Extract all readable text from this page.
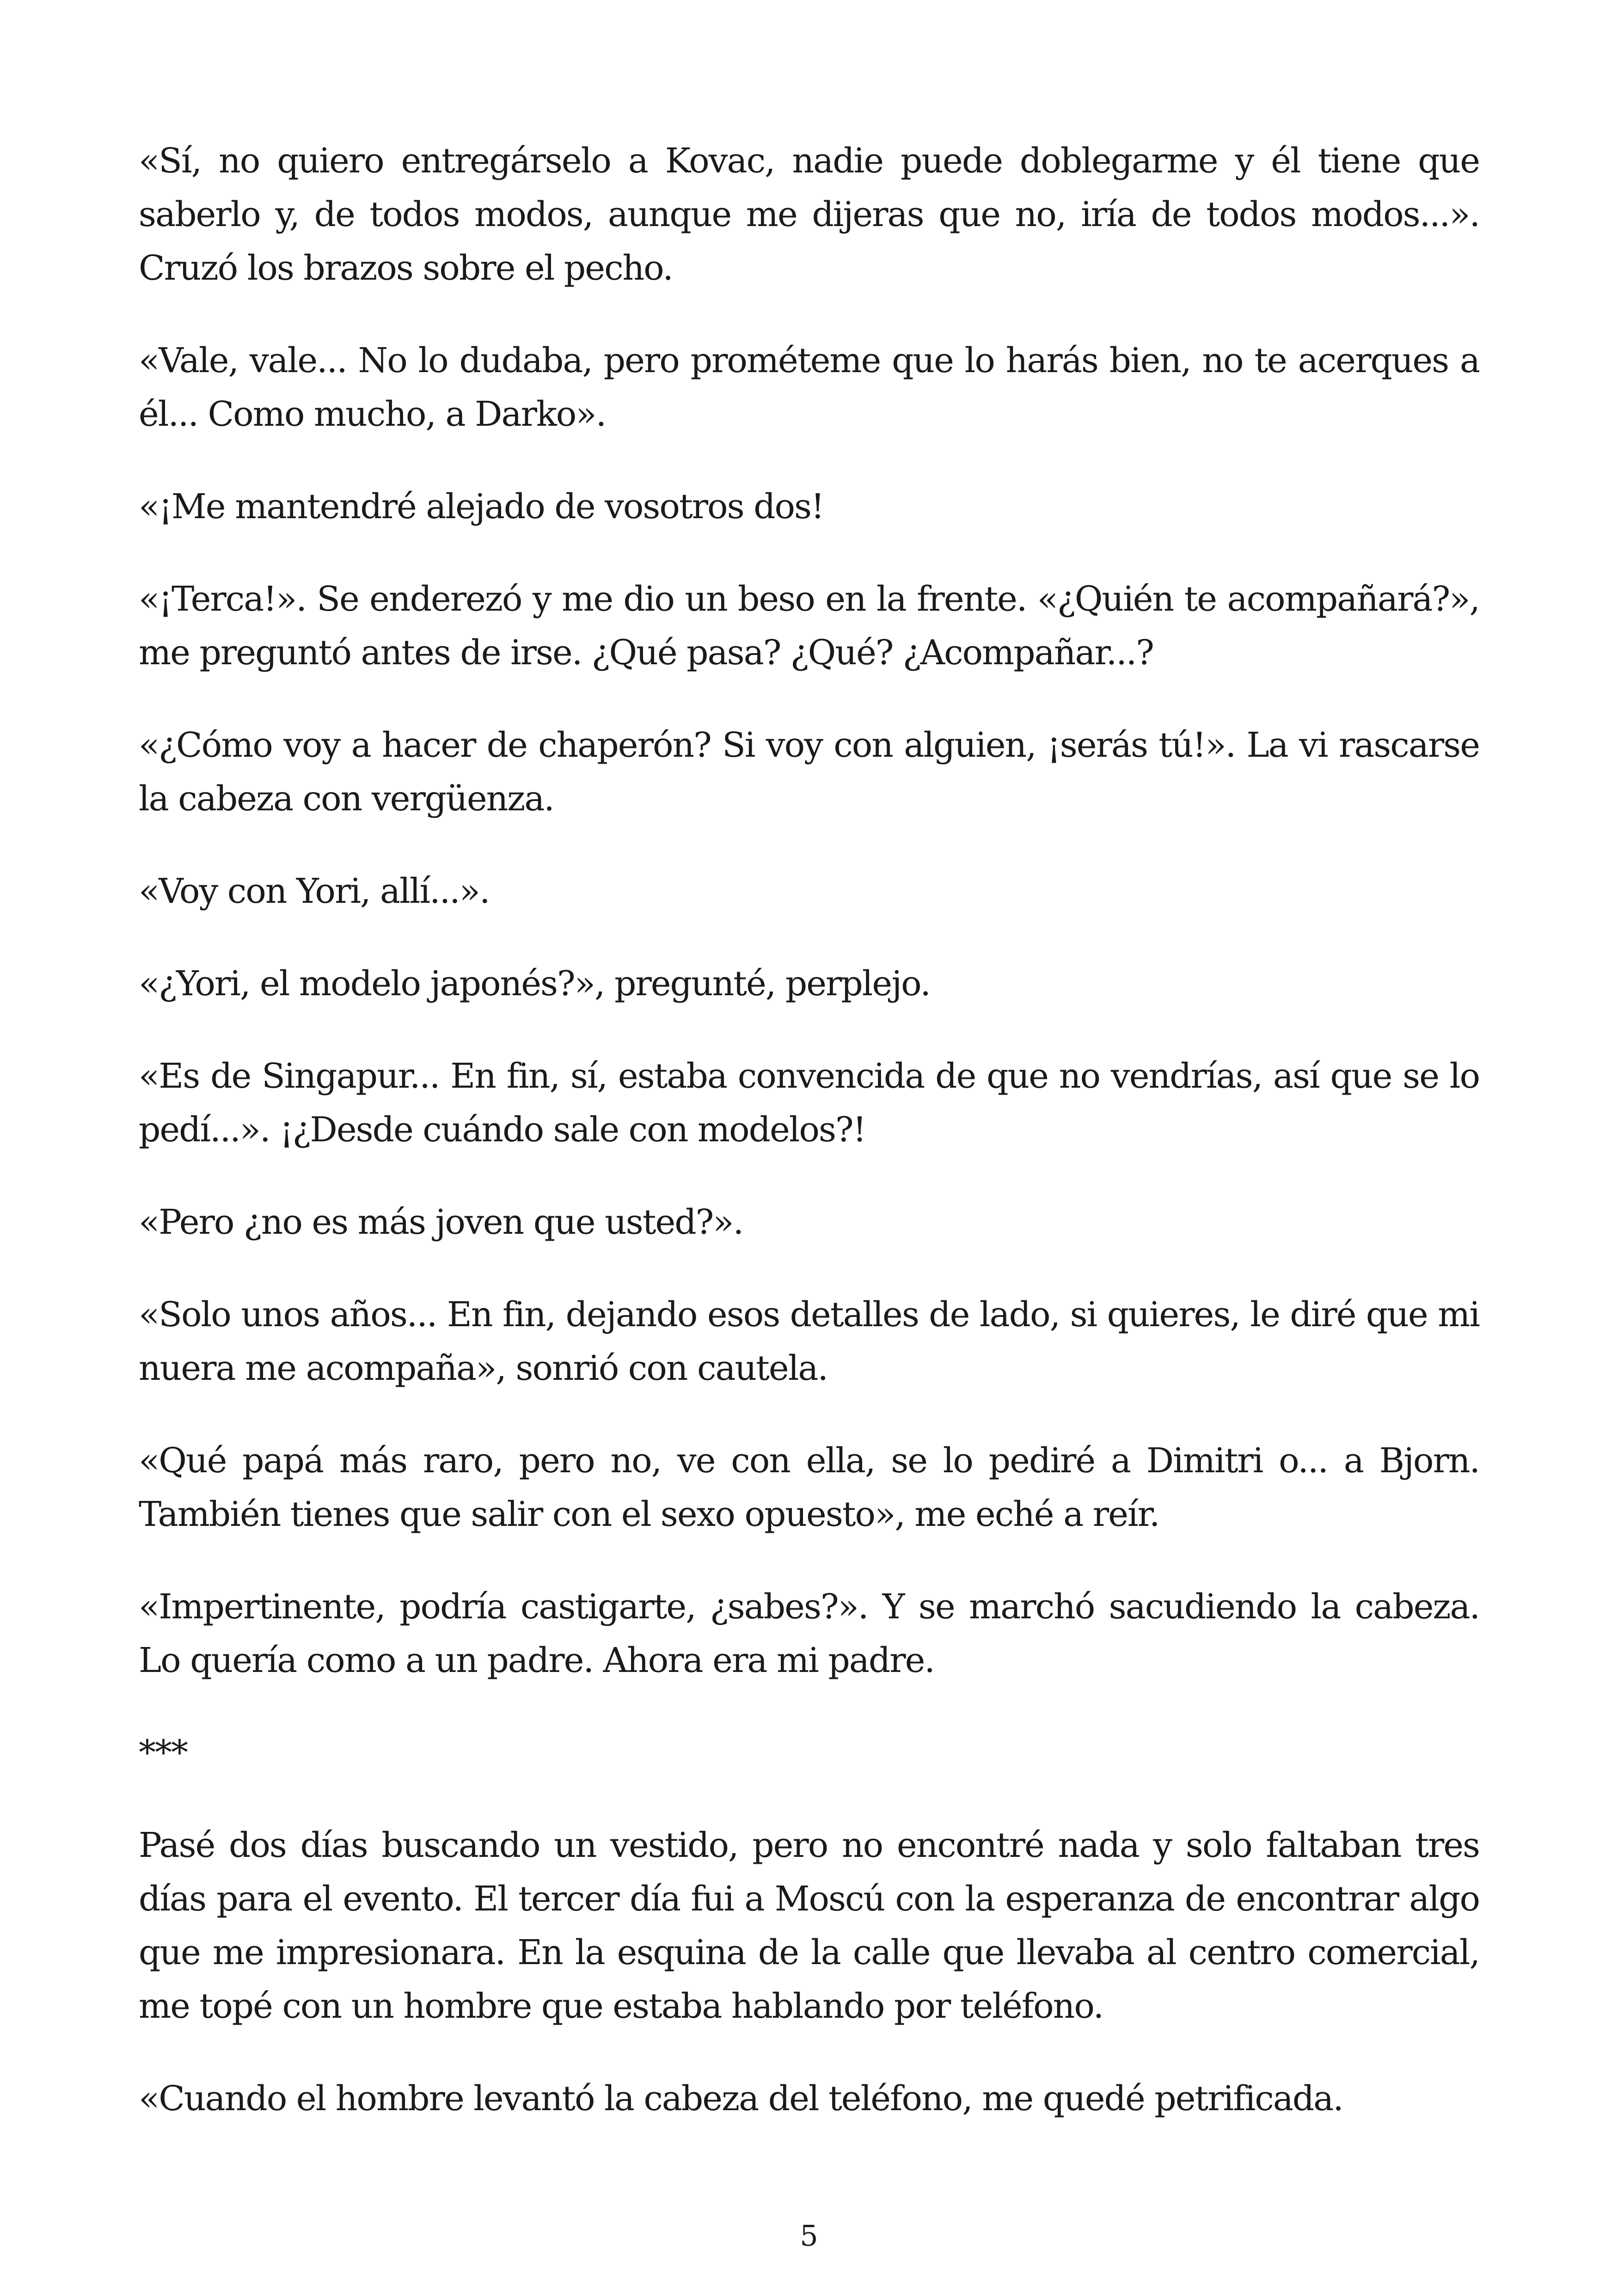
«Sí, no quiero entregárselo a Kovac, nadie puede doblegarme y él tiene que saberlo y, de todos modos, aunque me dijeras que no, iría de todos modos...». Cruzó los brazos sobre el pecho.

«Vale, vale... No lo dudaba, pero prométeme que lo harás bien, no te acerques a él... Como mucho, a Darko».

«¡Me mantendré alejado de vosotros dos!

«¡Terca!». Se enderezó y me dio un beso en la frente. «¿Quién te acompañará?», me preguntó antes de irse. ¿Qué pasa? ¿Qué? ¿Acompañar...?

«¿Cómo voy a hacer de chaperón? Si voy con alguien, ¡serás tú!». La vi rascarse la cabeza con vergüenza.

«Voy con Yori, allí...».

«¿Yori, el modelo japonés?», pregunté, perplejo.

«Es de Singapur... En fin, sí, estaba convencida de que no vendrías, así que se lo pedí...». ¡¿Desde cuándo sale con modelos?!

«Pero ¿no es más joven que usted?».

«Solo unos años... En fin, dejando esos detalles de lado, si quieres, le diré que mi nuera me acompaña», sonrió con cautela.

«Qué papá más raro, pero no, ve con ella, se lo pediré a Dimitri o... a Bjorn. También tienes que salir con el sexo opuesto», me eché a reír.

«Impertinente, podría castigarte, ¿sabes?». Y se marchó sacudiendo la cabeza. Lo quería como a un padre. Ahora era mi padre.

***

Pasé dos días buscando un vestido, pero no encontré nada y solo faltaban tres días para el evento. El tercer día fui a Moscú con la esperanza de encontrar algo que me impresionara. En la esquina de la calle que llevaba al centro comercial, me topé con un hombre que estaba hablando por teléfono.

«Cuando el hombre levantó la cabeza del teléfono, me quedé petrificada.

5
